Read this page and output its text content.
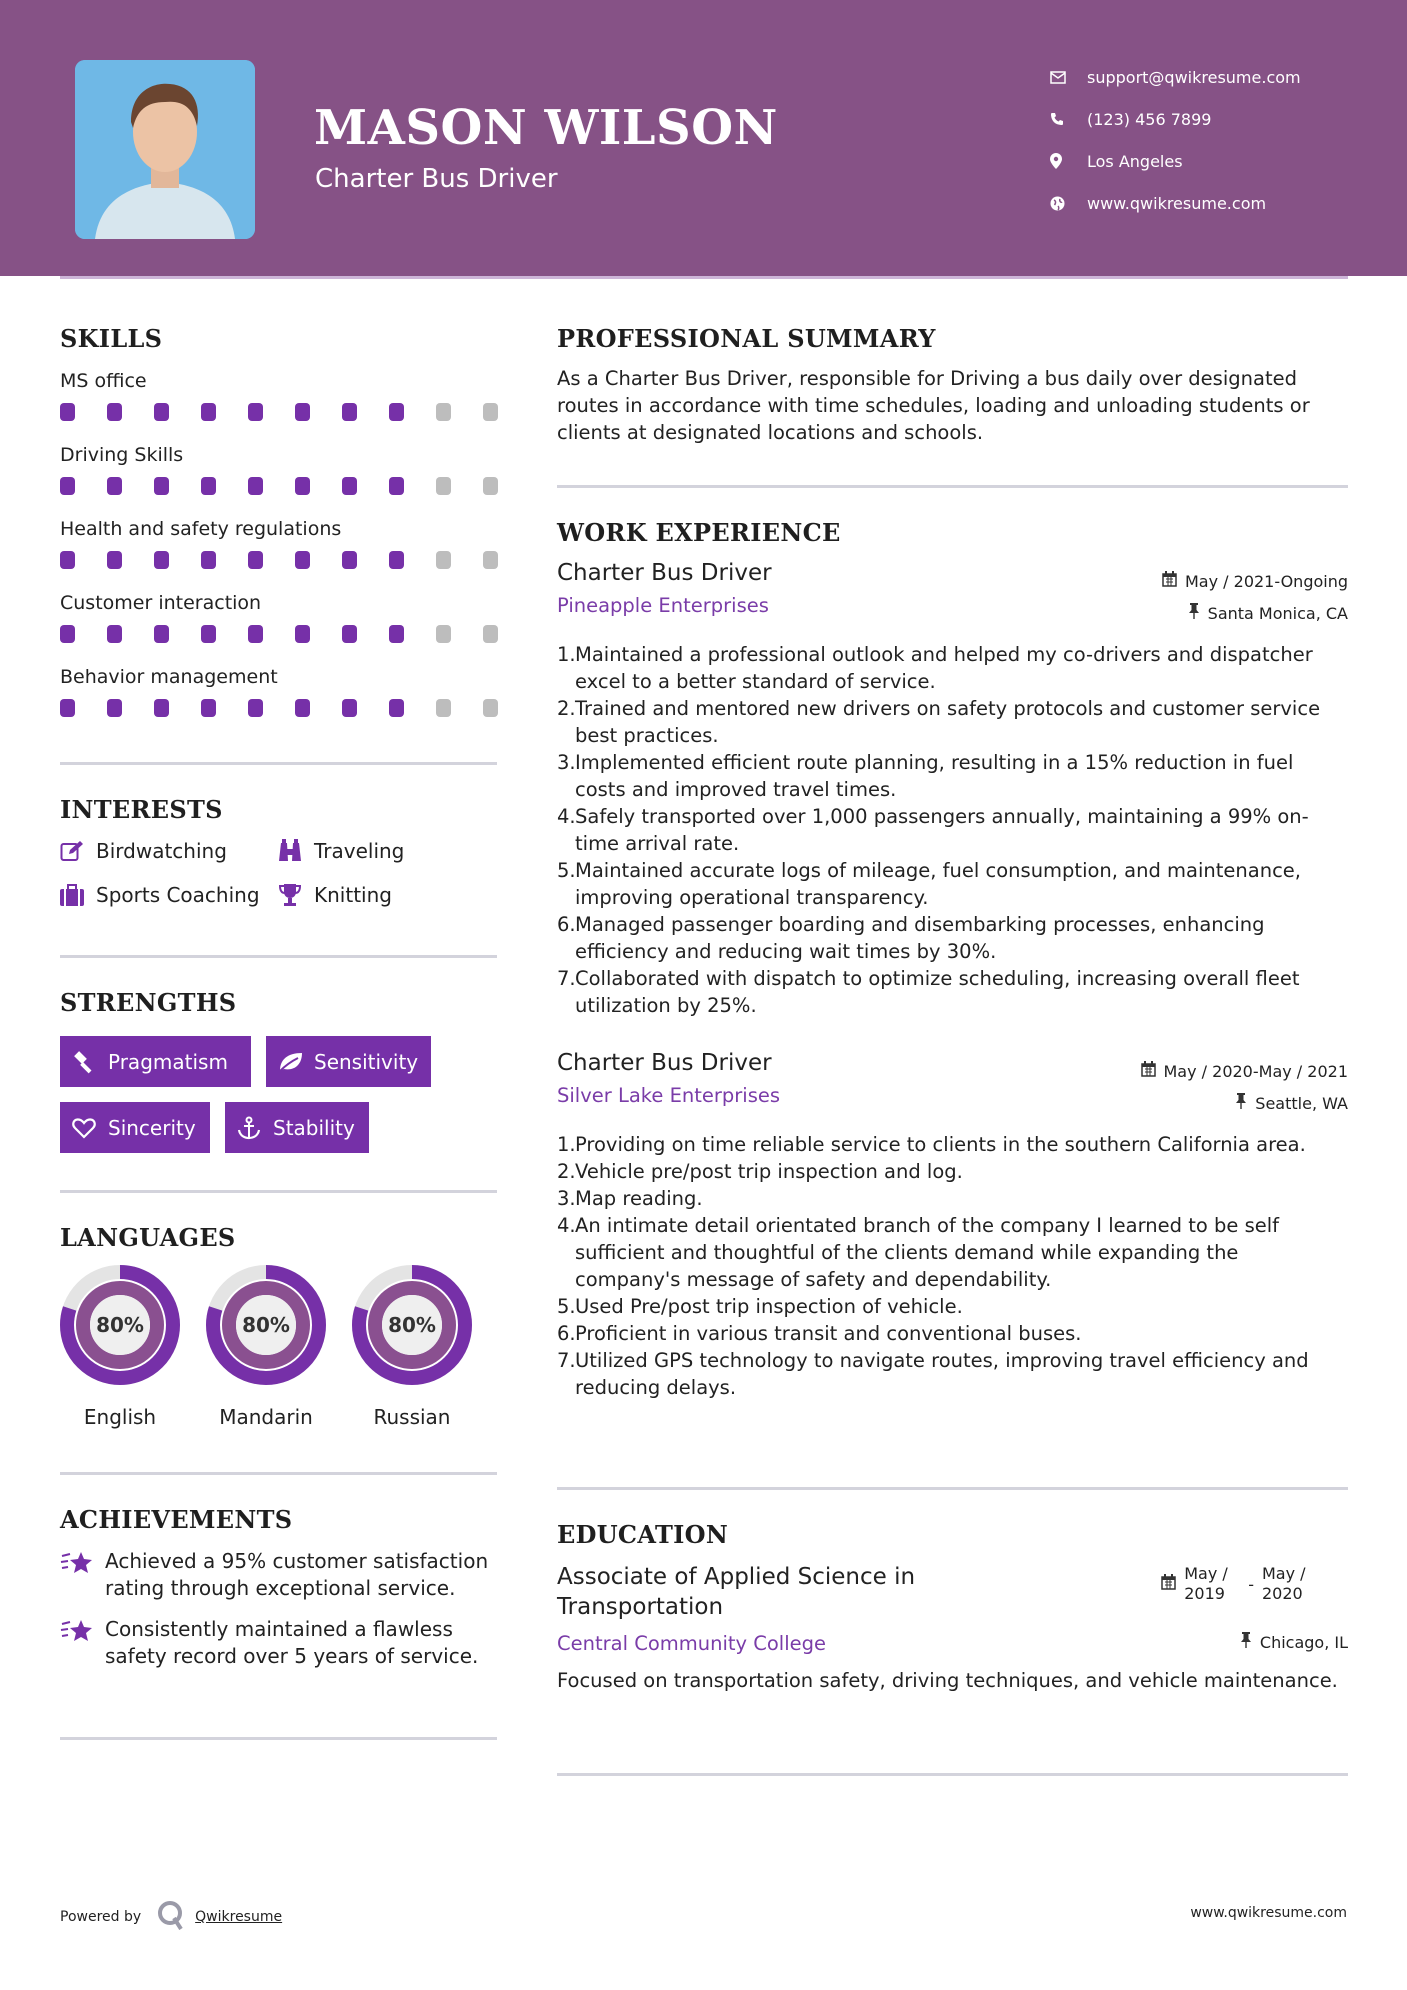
MASON WILSON
Charter Bus Driver
support@qwikresume.com
(123) 456 7899
Los Angeles
www.qwikresume.com
SKILLS
MS office
Driving Skills
Health and safety regulations
Customer interaction
Behavior management
INTERESTS
Birdwatching	Traveling
Sports Coaching	Knitting
STRENGTHS
Pragmatism	Sensitivity
Sincerity	Stability
LANGUAGES
80%
English
80%
Mandarin
80%
Russian
ACHIEVEMENTS
Achieved a 95% customer satisfaction rating through exceptional service.
Consistently maintained a flawless safety record over 5 years of service.
PROFESSIONAL SUMMARY
As a Charter Bus Driver, responsible for Driving a bus daily over designated routes in accordance with time schedules, loading and unloading students or clients at designated locations and schools.
WORK EXPERIENCE
Charter Bus Driver
Pineapple Enterprises
May / 2021-Ongoing
Santa Monica, CA
1. Maintained a professional outlook and helped my co-drivers and dispatcher excel to a better standard of service.
2. Trained and mentored new drivers on safety protocols and customer service best practices.
3. Implemented efficient route planning, resulting in a 15% reduction in fuel costs and improved travel times.
4. Safely transported over 1,000 passengers annually, maintaining a 99% on-time arrival rate.
5. Maintained accurate logs of mileage, fuel consumption, and maintenance, improving operational transparency.
6. Managed passenger boarding and disembarking processes, enhancing efficiency and reducing wait times by 30%.
7. Collaborated with dispatch to optimize scheduling, increasing overall fleet utilization by 25%.
Charter Bus Driver
Silver Lake Enterprises
May / 2020-May / 2021
Seattle, WA
1. Providing on time reliable service to clients in the southern California area.
2. Vehicle pre/post trip inspection and log.
3. Map reading.
4. An intimate detail orientated branch of the company I learned to be self sufficient and thoughtful of the clients demand while expanding the company's message of safety and dependability.
5. Used Pre/post trip inspection of vehicle.
6. Proficient in various transit and conventional buses.
7. Utilized GPS technology to navigate routes, improving travel efficiency and reducing delays.
EDUCATION
Associate of Applied Science in Transportation
Central Community College
May / 2019	-
May / 2020
Chicago, IL
Focused on transportation safety, driving techniques, and vehicle maintenance.
Powered by	Qwikresume	www.qwikresume.com
